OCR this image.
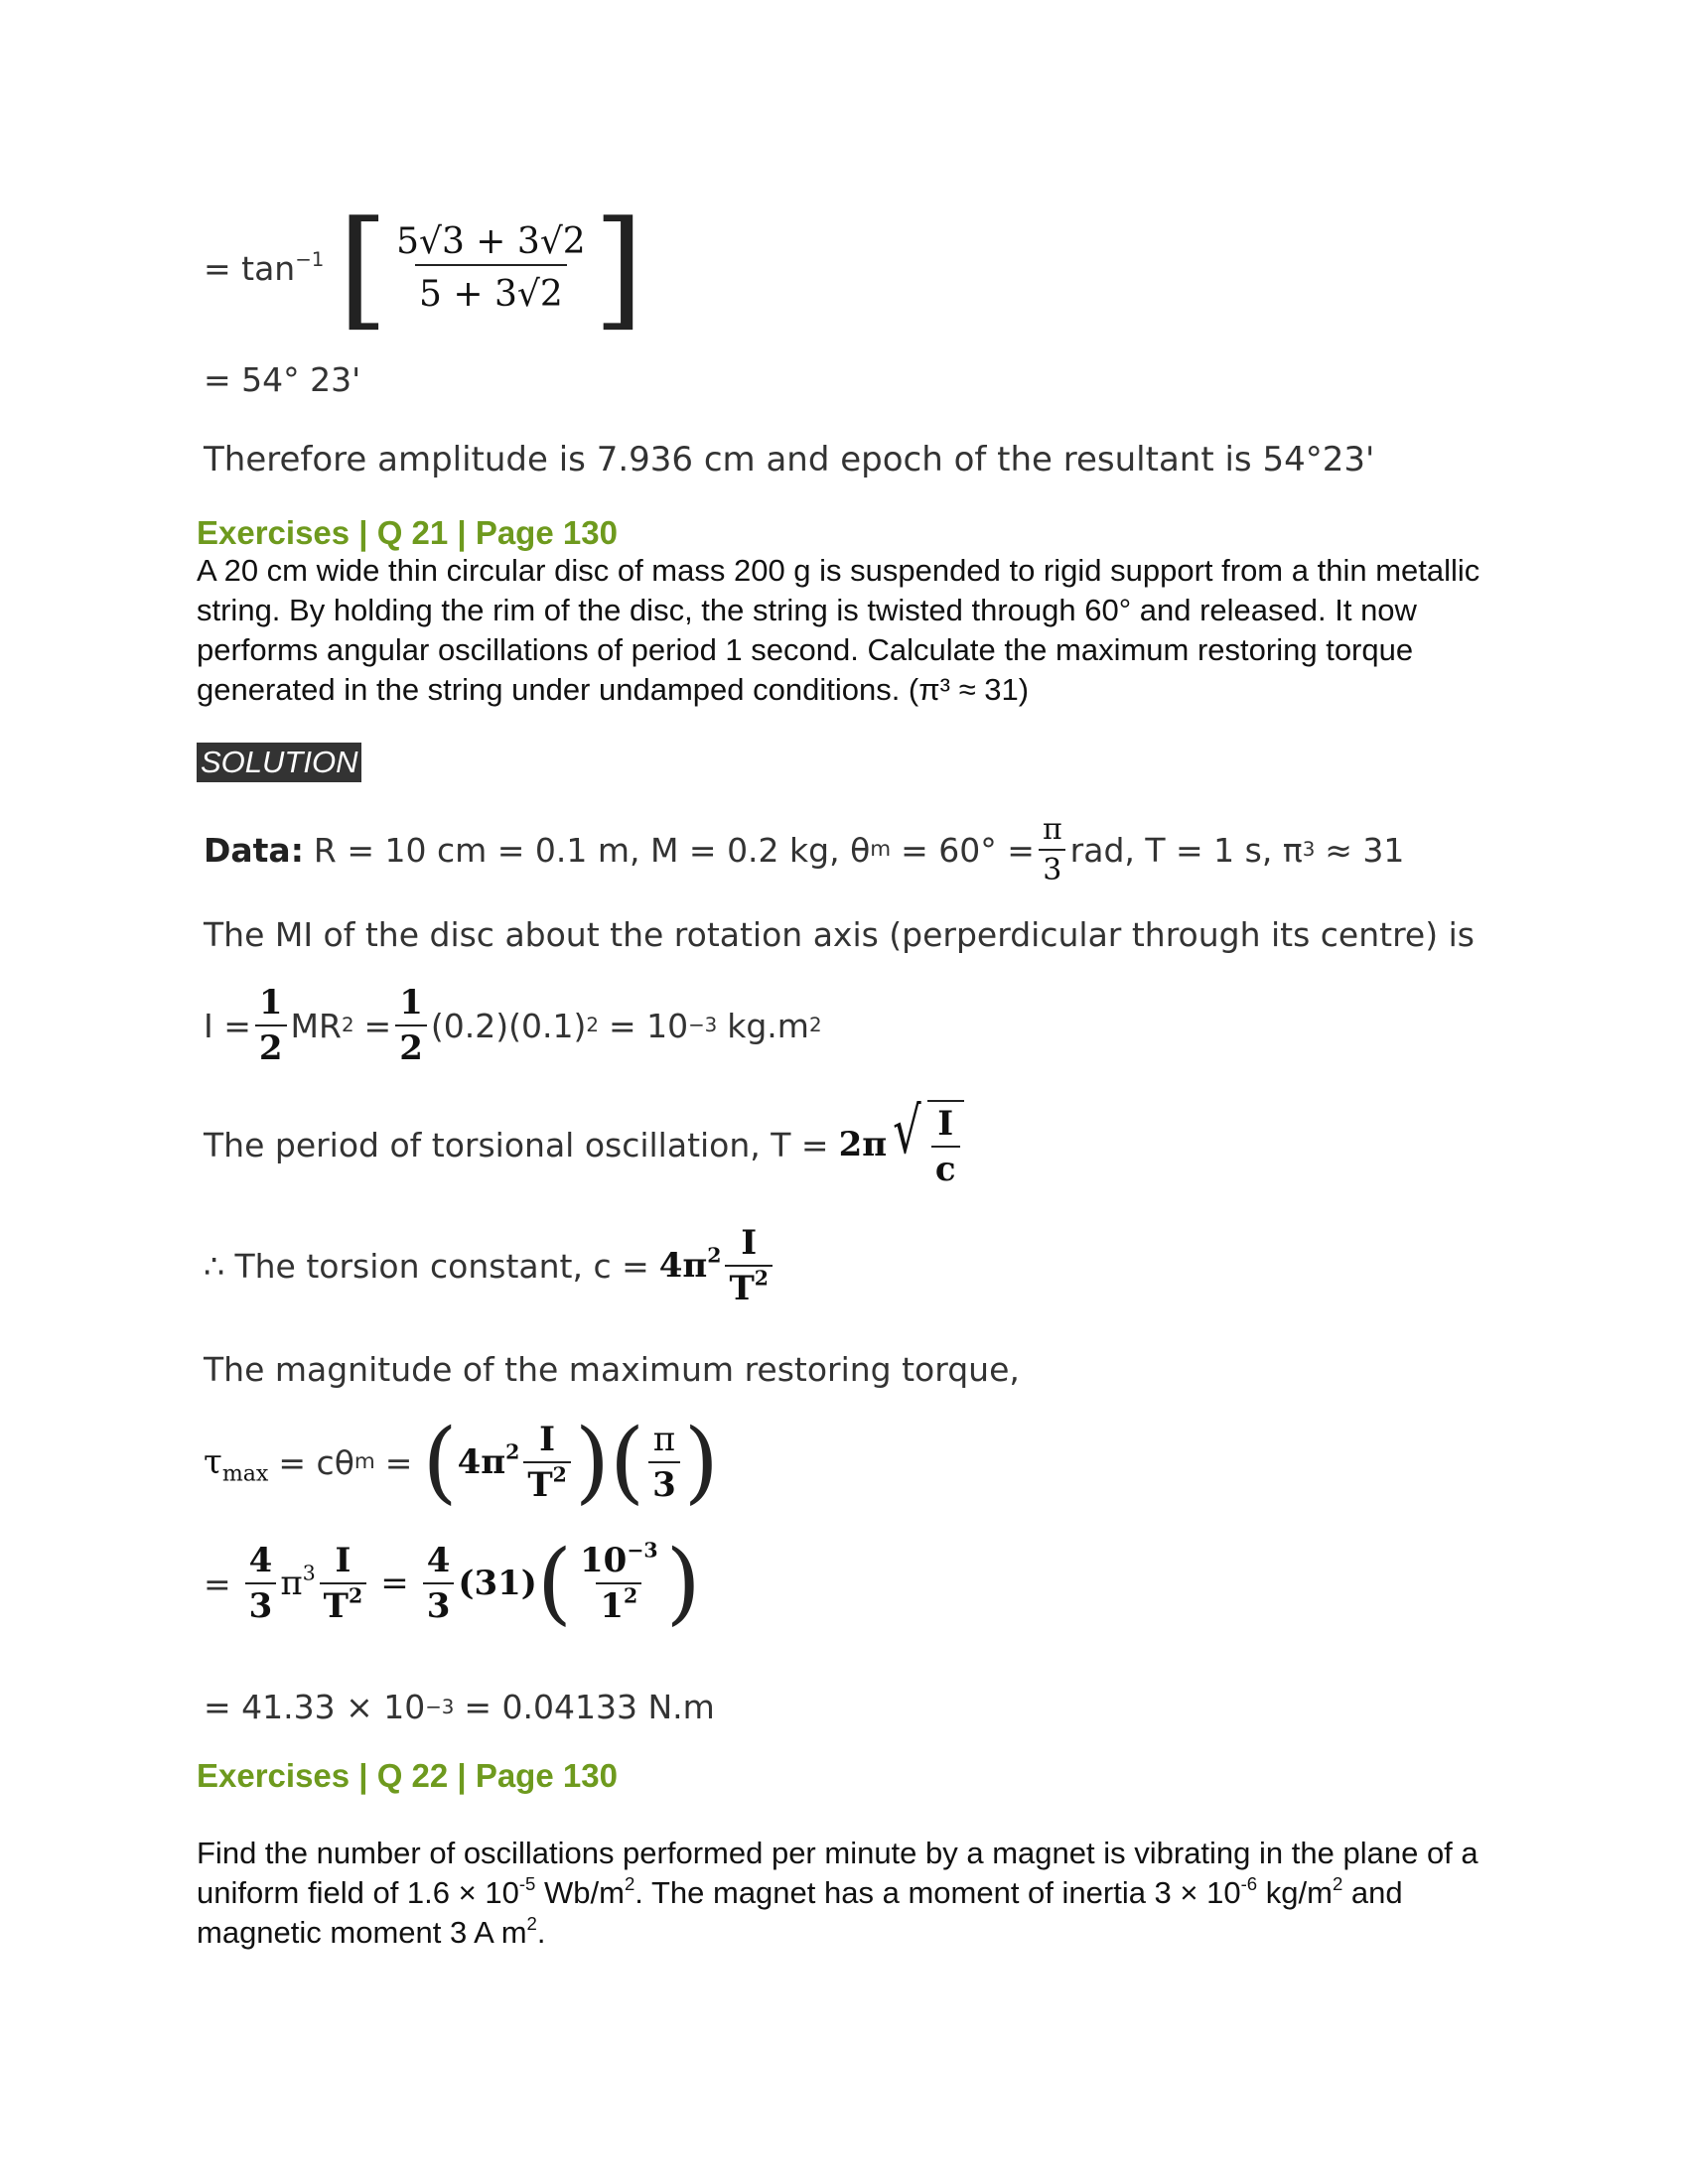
= $\tan^{-1}$ [ $\frac{5√3 + 3√2}{5 + 3√2}$ ]
= 54° 23'
Therefore amplitude is 7.936 cm and epoch of the resultant is 54°23'
Exercises | Q 21 | Page 130
A 20 cm wide thin circular disc of mass 200 g is suspended to rigid support from a thin metallic string. By holding the rim of the disc, the string is twisted through 60° and released. It now performs angular oscillations of period 1 second. Calculate the maximum restoring torque generated in the string under undamped conditions. (π³ ≈ 31)
SOLUTION
Data: R = 10 cm = 0.1 m, M = 0.2 kg, θ $m = 60^\circ = \frac{\pi}{3}$ rad, T = 1 s, π 3 ≈ 31
The MI of the disc about the rotation axis (perperdicular through its centre) is
$I = \frac{1}{2}$ MR $2 = \frac{1}{2} (0.2)(0.1) 2 = 10 -3$ kg.m 2
The period of torsional oscillation, T = 2π √ $\frac{I}{c}$
∴ The torsion constant, $c = 4\pi^2 \frac{I}{T^2}$
The magnitude of the maximum restoring torque,
$\tau_{max} = c\theta$ m = ( $4\pi^2 \frac{I}{T^2}$ ) ( $\frac{\pi}{3}$ )
= $\frac{4}{3} \pi^3 \frac{I}{T^2} = \frac{4}{3} (31)$ ( $\frac{10^{-3}}{1^2}$ )
= 41.33 × 10 −3 = 0.04133 N.m
Exercises | Q 22 | Page 130
Find the number of oscillations performed per minute by a magnet is vibrating in the plane of a uniform field of $1.6 \times 10^{-5}$ $Wb/m^2$. The magnet has a moment of inertia $3 \times 10^{-6}$ $kg/m^2$ and magnetic moment 3 A $m^2$.
